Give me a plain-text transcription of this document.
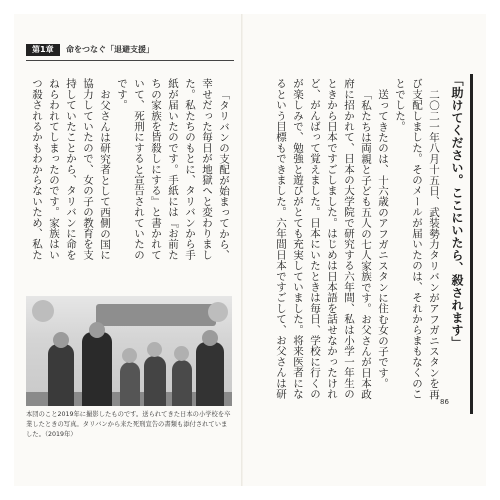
第1章	命をつなぐ「退避支援」

「タリバンの支配が始まってから、幸せだった毎日が地獄へと変わりました。私たちのもとに、タリバンから手紙が届いたのです。手紙には『お前たちの家族を皆殺しにする』と書かれていて、死刑にすると宣告されていたのです。

お父さんは研究者として西側の国に協力していたので、女の子の教育を支持していたことから、タリバンに命をねらわれてしまったのです。家族はいつ殺されるかもわからないため、私た

本団のこと2019年に撮影したものです。送られてきた日本の小学校を卒業したときの写真。タリバンから来た死刑宣告の書類も添付されていました。（2019年）
「助けてください。ここにいたら、殺されます」

二〇二一年八月十五日、武装勢力タリバンがアフガニスタンを再び支配しました。そのメールが届いたのは、それからまもなくのことでした。

送ってきたのは、十六歳のアフガニスタンに住む女の子です。

「私たちは両親と子ども五人の七人家族です。お父さんが日本政府に招かれて、日本の大学院で研究する六年間、私は小学一年生のときから日本ですごしました。はじめは日本語を話せなかったけれど、がんばって覚えました。日本にいたときは毎日、学校に行くのが楽しみで、勉強と遊びがとても充実していました。将来医者になるという目標もできました。六年間日本ですごして、お父さんは研

86
